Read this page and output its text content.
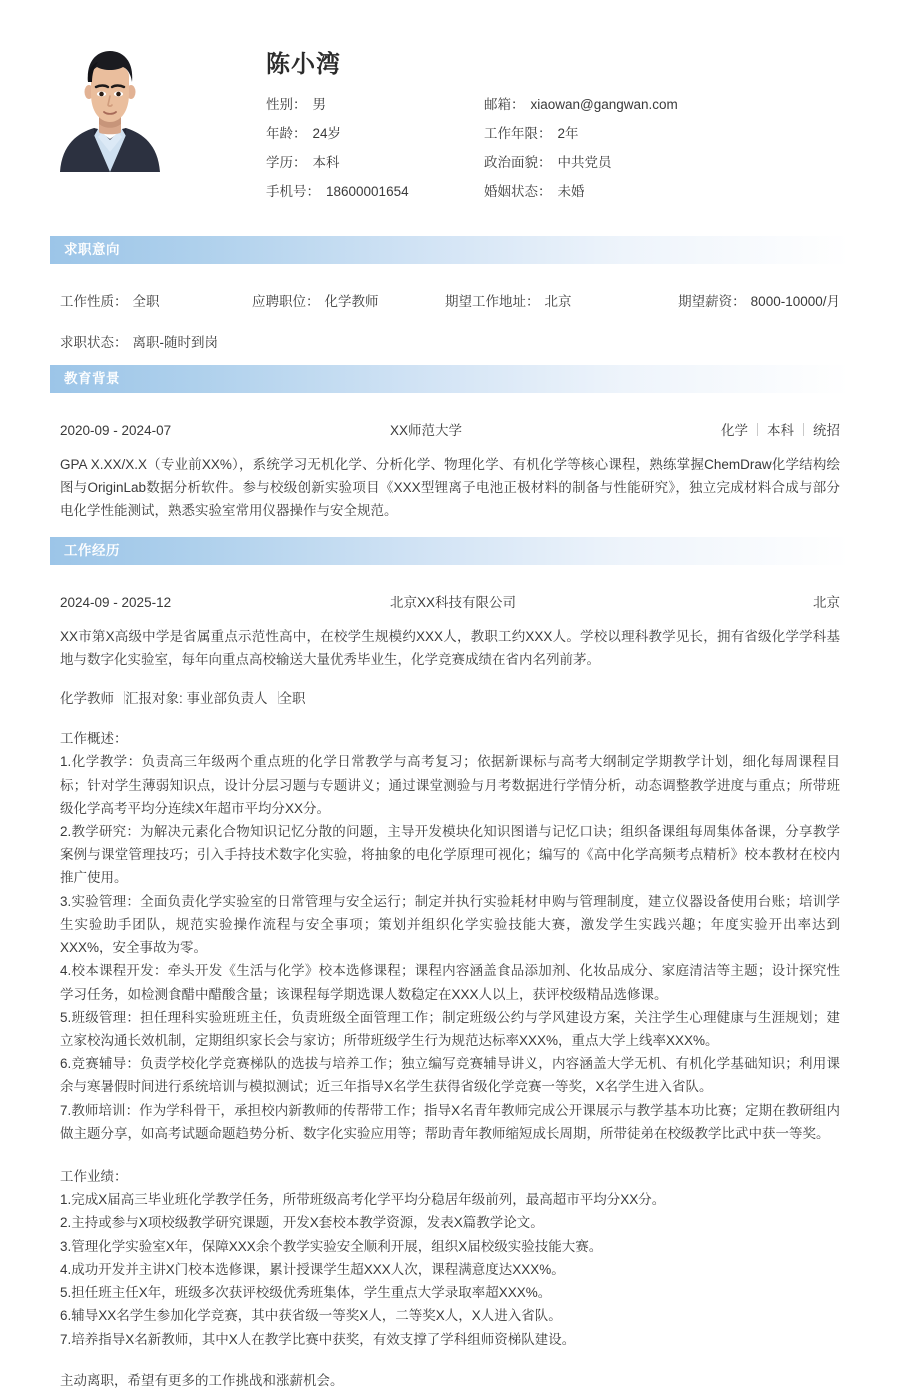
陈小湾
性别： 男	邮箱： xiaowan@gangwan.com
年龄： 24岁	工作年限： 2年
学历： 本科	政治面貌： 中共党员
手机号： 18600001654	婚姻状态： 未婚
求职意向
工作性质： 全职	应聘职位： 化学教师	期望工作地址： 北京	期望薪资： 8000-10000/月
求职状态： 离职-随时到岗
教育背景
2020-09 - 2024-07	XX师范大学	化学	本科	统招
GPA X.XX/X.X（专业前XX%），系统学习无机化学、分析化学、物理化学、有机化学等核心课程，熟练掌握ChemDraw化学结构绘图与OriginLab数据分析软件。参与校级创新实验项目《XXX型锂离子电池正极材料的制备与性能研究》，独立完成材料合成与部分电化学性能测试，熟悉实验室常用仪器操作与安全规范。
工作经历
2024-09 - 2025-12	北京XX科技有限公司	北京
XX市第X高级中学是省属重点示范性高中，在校学生规模约XXX人，教职工约XXX人。学校以理科教学见长，拥有省级化学学科基地与数字化实验室，每年向重点高校输送大量优秀毕业生，化学竞赛成绩在省内名列前茅。
化学教师 汇报对象: 事业部负责人 全职
工作概述：
1.化学教学：负责高三年级两个重点班的化学日常教学与高考复习；依据新课标与高考大纲制定学期教学计划，细化每周课程目标；针对学生薄弱知识点，设计分层习题与专题讲义；通过课堂测验与月考数据进行学情分析，动态调整教学进度与重点；所带班级化学高考平均分连续X年超市平均分XX分。
2.教学研究：为解决元素化合物知识记忆分散的问题，主导开发模块化知识图谱与记忆口诀；组织备课组每周集体备课，分享教学案例与课堂管理技巧；引入手持技术数字化实验，将抽象的电化学原理可视化；编写的《高中化学高频考点精析》校本教材在校内推广使用。
3.实验管理：全面负责化学实验室的日常管理与安全运行；制定并执行实验耗材申购与管理制度，建立仪器设备使用台账；培训学生实验助手团队，规范实验操作流程与安全事项；策划并组织化学实验技能大赛，激发学生实践兴趣；年度实验开出率达到XXX%，安全事故为零。
4.校本课程开发：牵头开发《生活与化学》校本选修课程；课程内容涵盖食品添加剂、化妆品成分、家庭清洁等主题；设计探究性学习任务，如检测食醋中醋酸含量；该课程每学期选课人数稳定在XXX人以上，获评校级精品选修课。
5.班级管理：担任理科实验班班主任，负责班级全面管理工作；制定班级公约与学风建设方案，关注学生心理健康与生涯规划；建立家校沟通长效机制，定期组织家长会与家访；所带班级学生行为规范达标率XXX%，重点大学上线率XXX%。
6.竞赛辅导：负责学校化学竞赛梯队的选拔与培养工作；独立编写竞赛辅导讲义，内容涵盖大学无机、有机化学基础知识；利用课余与寒暑假时间进行系统培训与模拟测试；近三年指导X名学生获得省级化学竞赛一等奖，X名学生进入省队。
7.教师培训：作为学科骨干，承担校内新教师的传帮带工作；指导X名青年教师完成公开课展示与教学基本功比赛；定期在教研组内做主题分享，如高考试题命题趋势分析、数字化实验应用等；帮助青年教师缩短成长周期，所带徒弟在校级教学比武中获一等奖。
工作业绩：
1.完成X届高三毕业班化学教学任务，所带班级高考化学平均分稳居年级前列，最高超市平均分XX分。
2.主持或参与X项校级教学研究课题，开发X套校本教学资源，发表X篇教学论文。
3.管理化学实验室X年，保障XXX余个教学实验安全顺利开展，组织X届校级实验技能大赛。
4.成功开发并主讲X门校本选修课，累计授课学生超XXX人次，课程满意度达XXX%。
5.担任班主任X年，班级多次获评校级优秀班集体，学生重点大学录取率超XXX%。
6.辅导XX名学生参加化学竞赛，其中获省级一等奖X人，二等奖X人，X人进入省队。
7.培养指导X名新教师，其中X人在教学比赛中获奖，有效支撑了学科组师资梯队建设。
主动离职，希望有更多的工作挑战和涨薪机会。
